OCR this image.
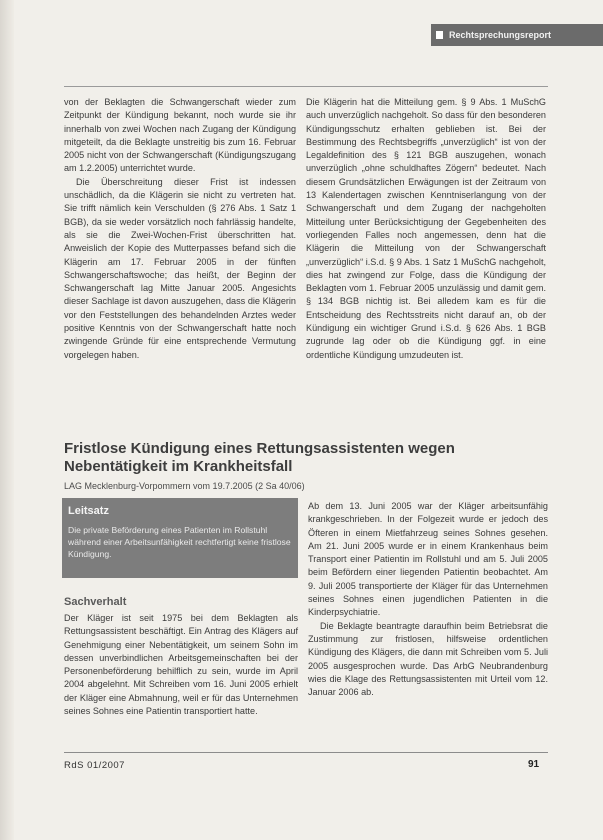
Rechtsprechungsreport

von der Beklagten die Schwangerschaft wieder zum Zeitpunkt der Kündigung bekannt, noch wurde sie ihr innerhalb von zwei Wochen nach Zugang der Kündigung mitgeteilt, da die Beklagte unstreitig bis zum 16. Februar 2005 nicht von der Schwangerschaft (Kündigungszugang am 1.2.2005) unterrichtet wurde.

Die Überschreitung dieser Frist ist indessen unschädlich, da die Klägerin sie nicht zu vertreten hat. Sie trifft nämlich kein Verschulden (§ 276 Abs. 1 Satz 1 BGB), da sie weder vorsätzlich noch fahrlässig handelte, als sie die Zwei-Wochen-Frist überschritten hat. Anweislich der Kopie des Mutterpasses befand sich die Klägerin am 17. Februar 2005 in der fünften Schwangerschaftswoche; das heißt, der Beginn der Schwangerschaft lag Mitte Januar 2005. Angesichts dieser Sachlage ist davon auszugehen, dass die Klägerin vor den Feststellungen des behandelnden Arztes weder positive Kenntnis von der Schwangerschaft hatte noch zwingende Gründe für eine entsprechende Vermutung vorgelegen haben.

Die Klägerin hat die Mitteilung gem. § 9 Abs. 1 MuSchG auch unverzüglich nachgeholt. So dass für den besonderen Kündigungsschutz erhalten geblieben ist. Bei der Bestimmung des Rechtsbegriffs „unverzüglich“ ist von der Legaldefinition des § 121 BGB auszugehen, wonach unverzüglich „ohne schuldhaftes Zögern“ bedeutet. Nach diesem Grundsätzlichen Erwägungen ist der Zeitraum von 13 Kalendertagen zwischen Kenntniserlangung von der Schwangerschaft und dem Zugang der nachgeholten Mitteilung unter Berücksichtigung der Gegebenheiten des vorliegenden Falles noch angemessen, denn hat die Klägerin die Mitteilung von der Schwangerschaft „unverzüglich“ i.S.d. § 9 Abs. 1 Satz 1 MuSchG nachgeholt, dies hat zwingend zur Folge, dass die Kündigung der Beklagten vom 1. Februar 2005 unzulässig und damit gem. § 134 BGB nichtig ist. Bei alledem kam es für die Entscheidung des Rechtsstreits nicht darauf an, ob der Kündigung ein wichtiger Grund i.S.d. § 626 Abs. 1 BGB zugrunde lag oder ob die Kündigung ggf. in eine ordentliche Kündigung umzudeuten ist.

Fristlose Kündigung eines Rettungsassistenten wegen Nebentätigkeit im Krankheitsfall
LAG Mecklenburg-Vorpommern vom 19.7.2005 (2 Sa 40/06)
Leitsatz
Die private Beförderung eines Patienten im Rollstuhl während einer Arbeitsunfähigkeit rechtfertigt keine fristlose Kündigung.
Sachverhalt

Der Kläger ist seit 1975 bei dem Beklagten als Rettungsassistent beschäftigt. Ein Antrag des Klägers auf Genehmigung einer Nebentätigkeit, um seinem Sohn im dessen unverbindlichen Arbeitsgemeinschaften bei der Personenbeförderung behilflich zu sein, wurde im April 2004 abgelehnt. Mit Schreiben vom 16. Juni 2005 erhielt der Kläger eine Abmahnung, weil er für das Unternehmen seines Sohnes eine Patientin transportiert hatte.

Ab dem 13. Juni 2005 war der Kläger arbeitsunfähig krankgeschrieben. In der Folgezeit wurde er jedoch des Öfteren in einem Mietfahrzeug seines Sohnes gesehen. Am 21. Juni 2005 wurde er in einem Krankenhaus beim Transport einer Patientin im Rollstuhl und am 5. Juli 2005 beim Befördern einer liegenden Patientin beobachtet. Am 9. Juli 2005 transportierte der Kläger für das Unternehmen seines Sohnes einen jugendlichen Patienten in die Kinderpsychiatrie.

Die Beklagte beantragte daraufhin beim Betriebsrat die Zustimmung zur fristlosen, hilfsweise ordentlichen Kündigung des Klägers, die dann mit Schreiben vom 5. Juli 2005 ausgesprochen wurde. Das ArbG Neubrandenburg wies die Klage des Rettungsassistenten mit Urteil vom 12. Januar 2006 ab.

RdS 01/2007	91
